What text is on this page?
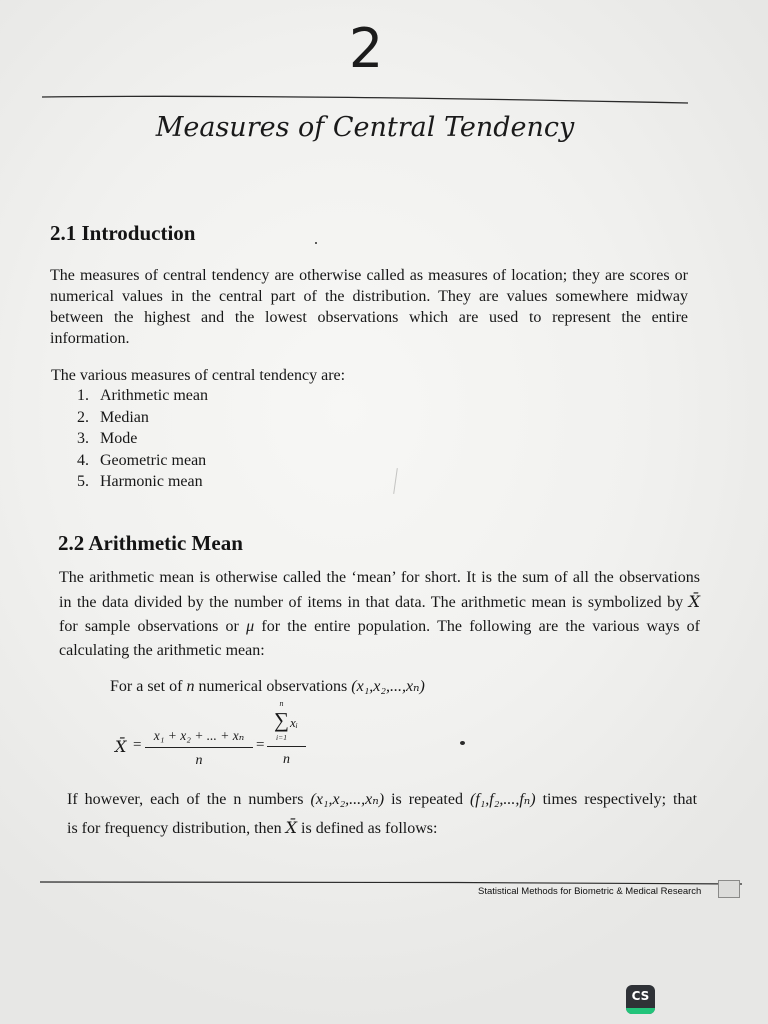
2
Measures of Central Tendency
2.1 Introduction
The measures of central tendency are otherwise called as measures of location; they are scores or
numerical values in the central part of the distribution. They are values somewhere midway
between the highest and the lowest observations which are used to represent the entire
information.
The various measures of central tendency are:
1. Arithmetic mean
2. Median
3. Mode
4. Geometric mean
5. Harmonic mean
2.2 Arithmetic Mean
The arithmetic mean is otherwise called the ‘mean’ for short. It is the sum of all the observations
in the data divided by the number of items in that data. The arithmetic mean is symbolized by X̄
for sample observations or μ for the entire population. The following are the various ways of
calculating the arithmetic mean:
For a set of n numerical observations (x₁,x₂,...,xₙ)
X̄ =
x₁ + x₂ + ... + xₙ
n
=
n
∑ xᵢ
i=1
n
If however, each of the n numbers (x₁,x₂,...,xₙ) is repeated (f₁,f₂,...,fₙ) times respectively; that
is for frequency distribution, then X̄ is defined as follows:
Statistical Methods for Biometric & Medical Research
CS
